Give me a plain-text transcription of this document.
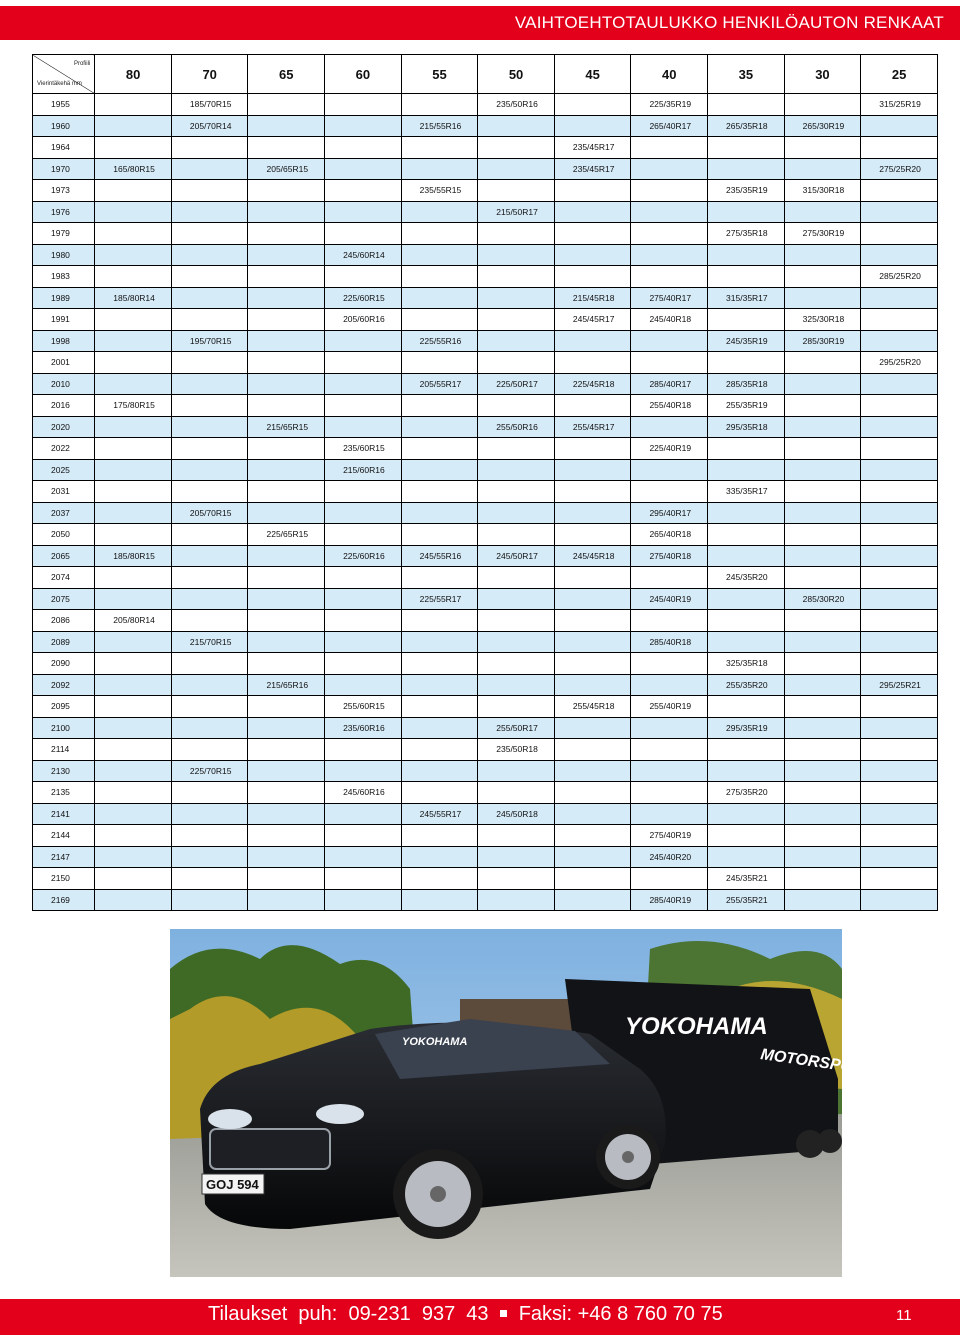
VAIHTOEHTOTAULUKKO HENKILÖAUTON RENKAAT
Profiili
Vierintäkehä mm	80	70	65	60	55	50	45	40	35	30	25
1955		185/70R15				235/50R16		225/35R19			315/25R19
1960		205/70R14			215/55R16			265/40R17	265/35R18	265/30R19	
1964							235/45R17				
1970	165/80R15		205/65R15				235/45R17				275/25R20
1973					235/55R15				235/35R19	315/30R18	
1976						215/50R17					
1979									275/35R18	275/30R19	
1980				245/60R14							
1983											285/25R20
1989	185/80R14			225/60R15			215/45R18	275/40R17	315/35R17		
1991				205/60R16			245/45R17	245/40R18		325/30R18	
1998		195/70R15			225/55R16				245/35R19	285/30R19	
2001											295/25R20
2010					205/55R17	225/50R17	225/45R18	285/40R17	285/35R18		
2016	175/80R15							255/40R18	255/35R19		
2020			215/65R15			255/50R16	255/45R17		295/35R18		
2022				235/60R15				225/40R19			
2025				215/60R16							
2031									335/35R17		
2037		205/70R15						295/40R17			
2050			225/65R15					265/40R18			
2065	185/80R15			225/60R16	245/55R16	245/50R17	245/45R18	275/40R18			
2074									245/35R20		
2075					225/55R17			245/40R19		285/30R20	
2086	205/80R14										
2089		215/70R15						285/40R18			
2090									325/35R18		
2092			215/65R16						255/35R20		295/25R21
2095				255/60R15			255/45R18	255/40R19			
2100				235/60R16		255/50R17			295/35R19		
2114						235/50R18					
2130		225/70R15									
2135				245/60R16					275/35R20		
2141					245/55R17	245/50R18					
2144								275/40R19			
2147								245/40R20			
2150									245/35R21		
2169								285/40R19	255/35R21		
YOKOHAMA
MOTORSPORT
YOKOHAMA
GOJ 594
Tilaukset  puh:  09-231  937  43 Faksi: +46 8 760 70 75	11
